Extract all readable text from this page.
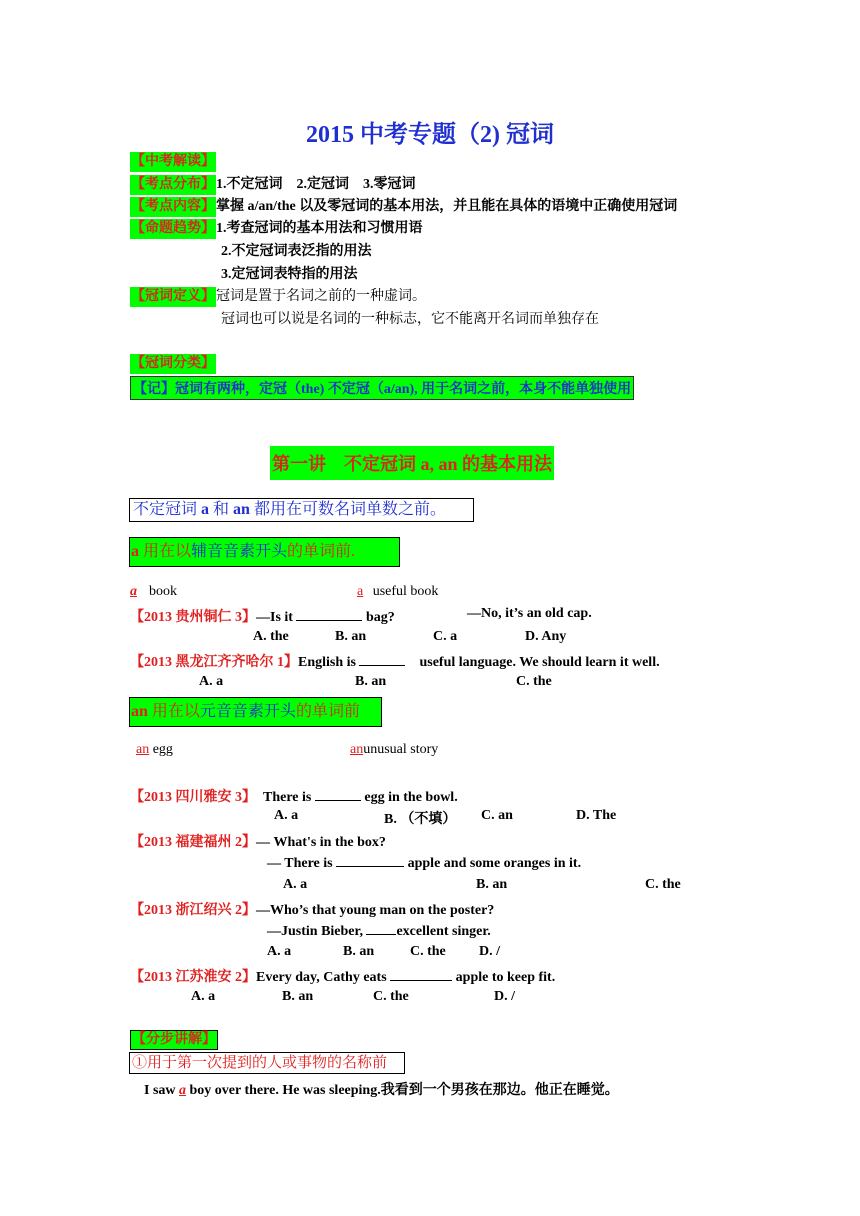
2015 中考专题（2) 冠词
【中考解读】
【考点分布】1.不定冠词　2.定冠词　3.零冠词
【考点内容】掌握 a/an/the 以及零冠词的基本用法，并且能在具体的语境中正确使用冠词
【命题趋势】1.考查冠词的基本用法和习惯用语
2.不定冠词表泛指的用法
3.定冠词表特指的用法
【冠词定义】冠词是置于名词之前的一种虚词。
冠词也可以说是名词的一种标志，它不能离开名词而单独存在
【冠词分类】
【记】冠词有两种，定冠（the) 不定冠（a/an), 用于名词之前，本身不能单独使用
第一讲　不定冠词 a, an 的基本用法
不定冠词 a 和 an 都用在可数名词单数之前。
a 用在以辅音音素开头的单词前.
a book	a useful book
【2013 贵州铜仁 3】—Is it	bag?	—No, it’s an old cap.
A. the	B. an	C. a	D. Any
【2013 黑龙江齐齐哈尔 1】English is	useful language. We should learn it well.
A. a	B. an	C. the
an 用在以元音音素开头的单词前
an egg	anunusual story
【2013 四川雅安 3】 There is	egg in the bowl.
A. a	B. （不填） C. an	D. The
【2013 福建福州 2】— What's in the box?
— There is	apple and some oranges in it.
A. a	B. an	C. the
【2013 浙江绍兴 2】—Who’s that young man on the poster?
—Justin Bieber, excellent singer.
A. a	B. an	C. the D. /
【2013 江苏淮安 2】Every day, Cathy eats	apple to keep fit.
A. a	B. an	C. the	D. /
【分步讲解】
①用于第一次提到的人或事物的名称前
I saw a boy over there. He was sleeping.我看到一个男孩在那边。他正在睡觉。
